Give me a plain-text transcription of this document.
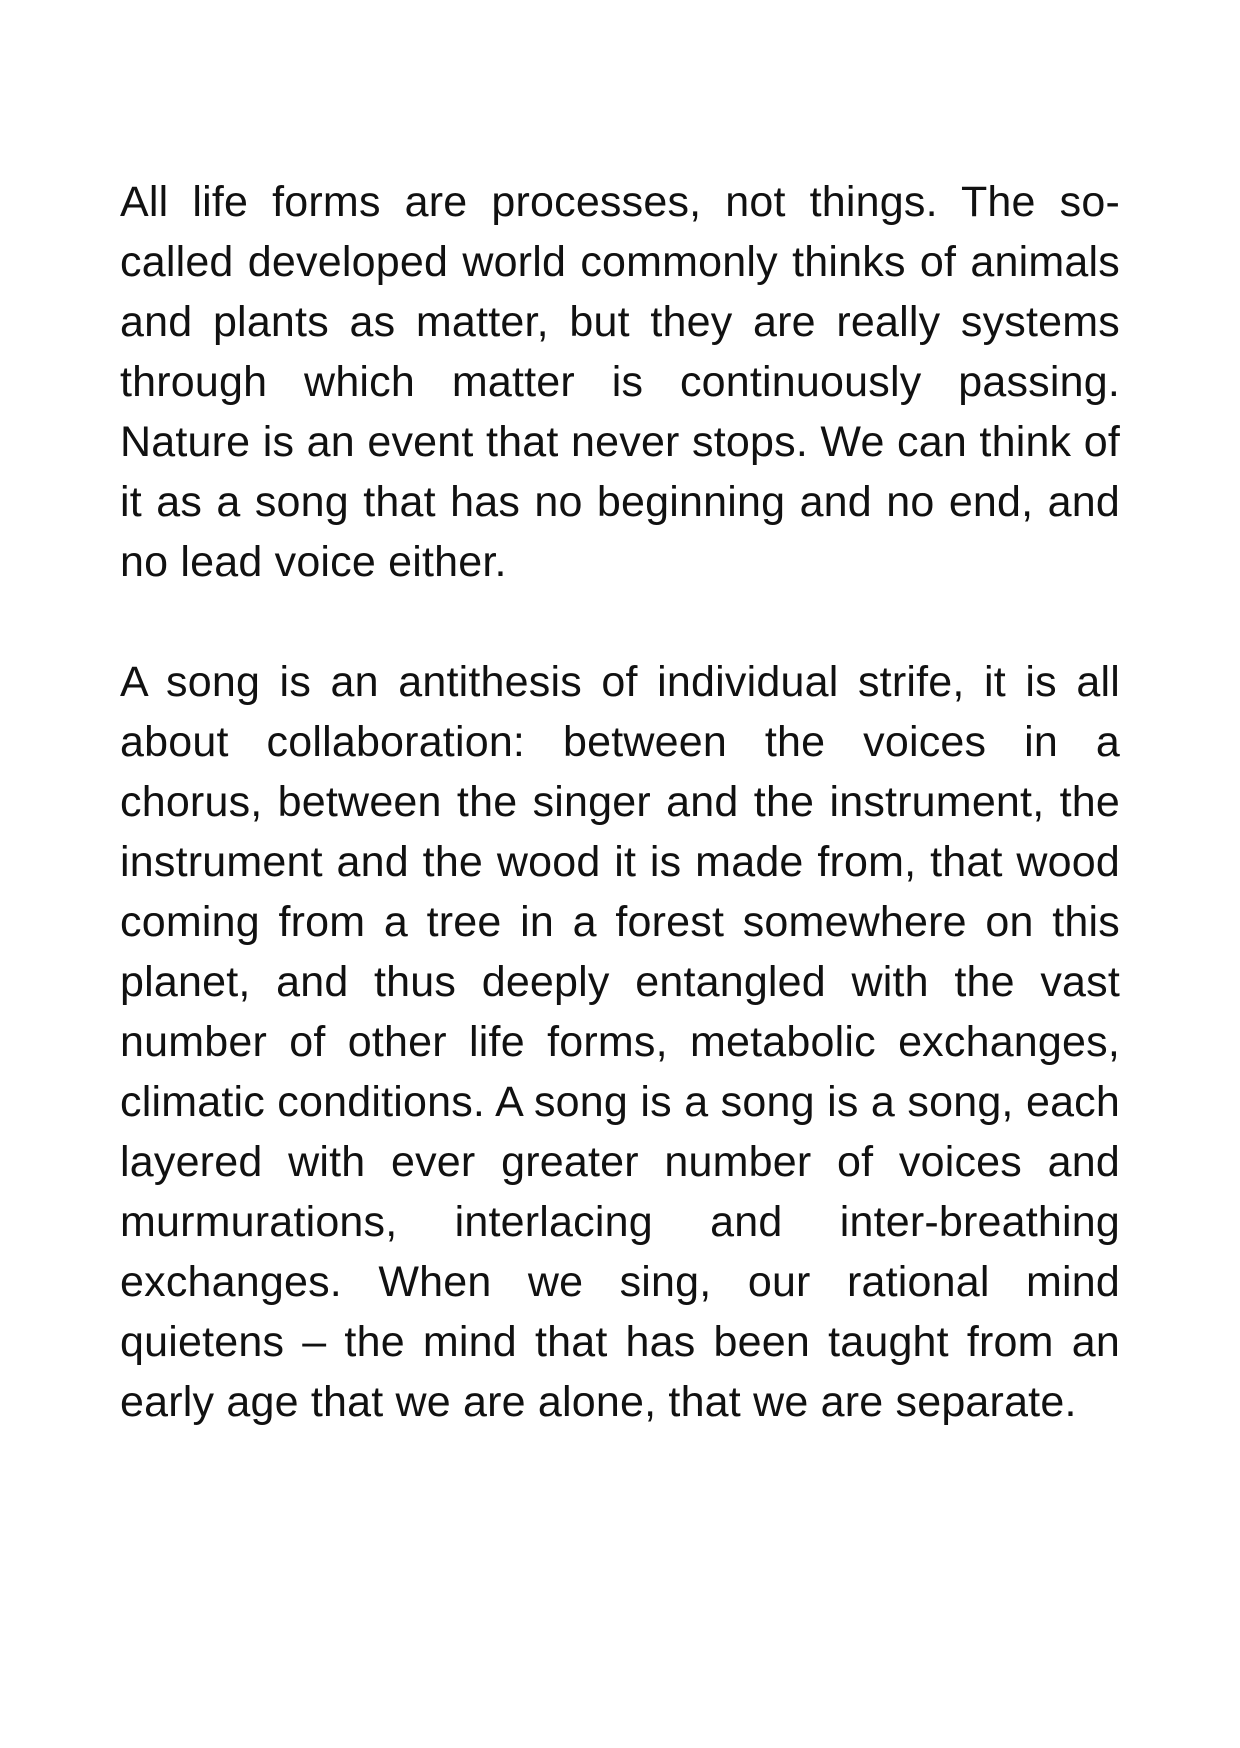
All life forms are processes, not things. The so-called developed world commonly thinks of animals and plants as matter, but they are really systems through which matter is continuously passing. Nature is an event that never stops. We can think of it as a song that has no beginning and no end, and no lead voice either.

A song is an antithesis of individual strife, it is all about collaboration: between the voices in a chorus, between the singer and the instrument, the instrument and the wood it is made from, that wood coming from a tree in a forest somewhere on this planet, and thus deeply entangled with the vast number of other life forms, metabolic exchanges, climatic conditions. A song is a song is a song, each layered with ever greater number of voices and murmurations, interlacing and inter-breathing exchanges. When we sing, our rational mind quietens – the mind that has been taught from an early age that we are alone, that we are separate.
